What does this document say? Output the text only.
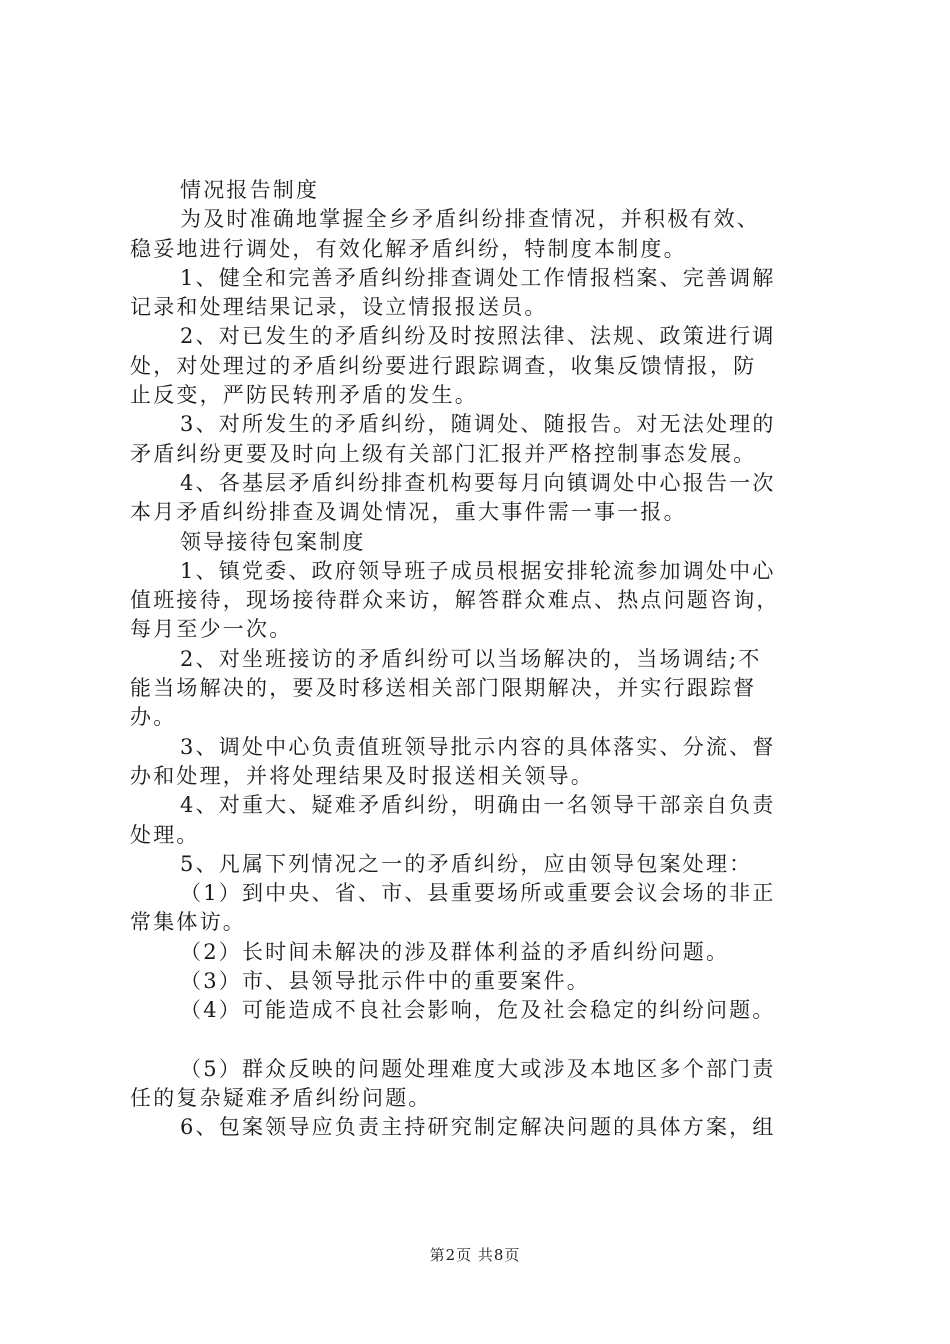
情况报告制度
为及时准确地掌握全乡矛盾纠纷排查情况，并积极有效、
稳妥地进行调处，有效化解矛盾纠纷，特制度本制度。
1、健全和完善矛盾纠纷排查调处工作情报档案、完善调解
记录和处理结果记录，设立情报报送员。
2、对已发生的矛盾纠纷及时按照法律、法规、政策进行调
处，对处理过的矛盾纠纷要进行跟踪调查，收集反馈情报，防
止反变，严防民转刑矛盾的发生。
3、对所发生的矛盾纠纷，随调处、随报告。对无法处理的
矛盾纠纷更要及时向上级有关部门汇报并严格控制事态发展。
4、各基层矛盾纠纷排查机构要每月向镇调处中心报告一次
本月矛盾纠纷排查及调处情况，重大事件需一事一报。
领导接待包案制度
1、镇党委、政府领导班子成员根据安排轮流参加调处中心
值班接待，现场接待群众来访，解答群众难点、热点问题咨询，
每月至少一次。
2、对坐班接访的矛盾纠纷可以当场解决的，当场调结;不
能当场解决的，要及时移送相关部门限期解决，并实行跟踪督
办。
3、调处中心负责值班领导批示内容的具体落实、分流、督
办和处理，并将处理结果及时报送相关领导。
4、对重大、疑难矛盾纠纷，明确由一名领导干部亲自负责
处理。
5、凡属下列情况之一的矛盾纠纷，应由领导包案处理：
（1）到中央、省、市、县重要场所或重要会议会场的非正
常集体访。
（2）长时间未解决的涉及群体利益的矛盾纠纷问题。
（3）市、县领导批示件中的重要案件。
（4）可能造成不良社会影响，危及社会稳定的纠纷问题。
（5）群众反映的问题处理难度大或涉及本地区多个部门责
任的复杂疑难矛盾纠纷问题。
6、包案领导应负责主持研究制定解决问题的具体方案，组
第2页 共8页
